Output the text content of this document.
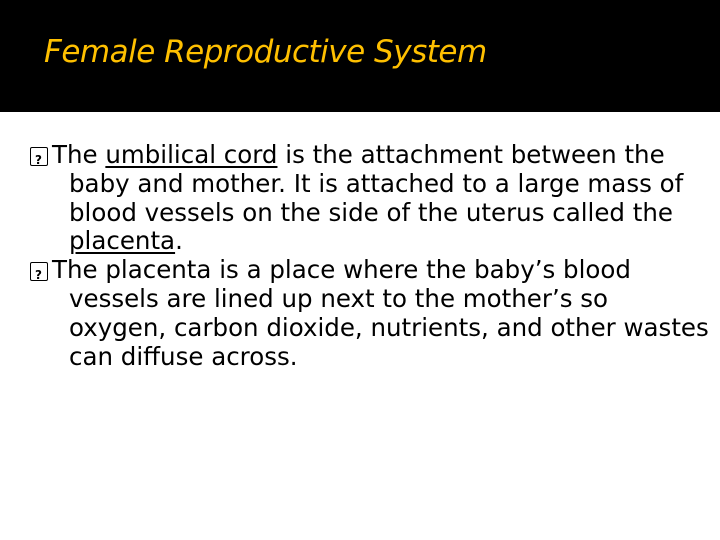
Female Reproductive System

?The umbilical cord is the attachment between the baby and mother. It is attached to a large mass of blood vessels on the side of the uterus called the placenta.

?The placenta is a place where the baby’s blood vessels are lined up next to the mother’s so oxygen, carbon dioxide, nutrients, and other wastes can diffuse across.
